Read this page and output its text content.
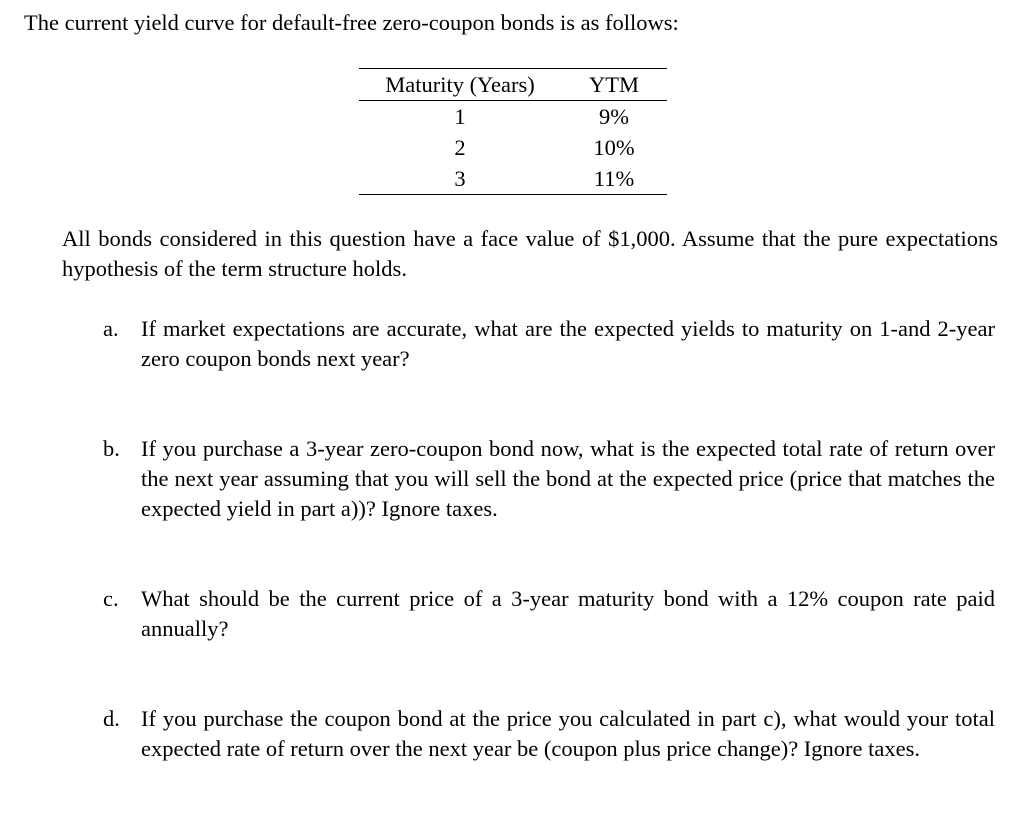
The current yield curve for default-free zero-coupon bonds is as follows:

Maturity (Years)	YTM
1	9%
2	10%
3	11%

All bonds considered in this question have a face value of $1,000. Assume that the pure expectations hypothesis of the term structure holds.

a. If market expectations are accurate, what are the expected yields to maturity on 1-and 2-year zero coupon bonds next year?
b. If you purchase a 3-year zero-coupon bond now, what is the expected total rate of return over the next year assuming that you will sell the bond at the expected price (price that matches the expected yield in part a))? Ignore taxes.
c. What should be the current price of a 3-year maturity bond with a 12% coupon rate paid annually?
d. If you purchase the coupon bond at the price you calculated in part c), what would your total expected rate of return over the next year be (coupon plus price change)? Ignore taxes.
